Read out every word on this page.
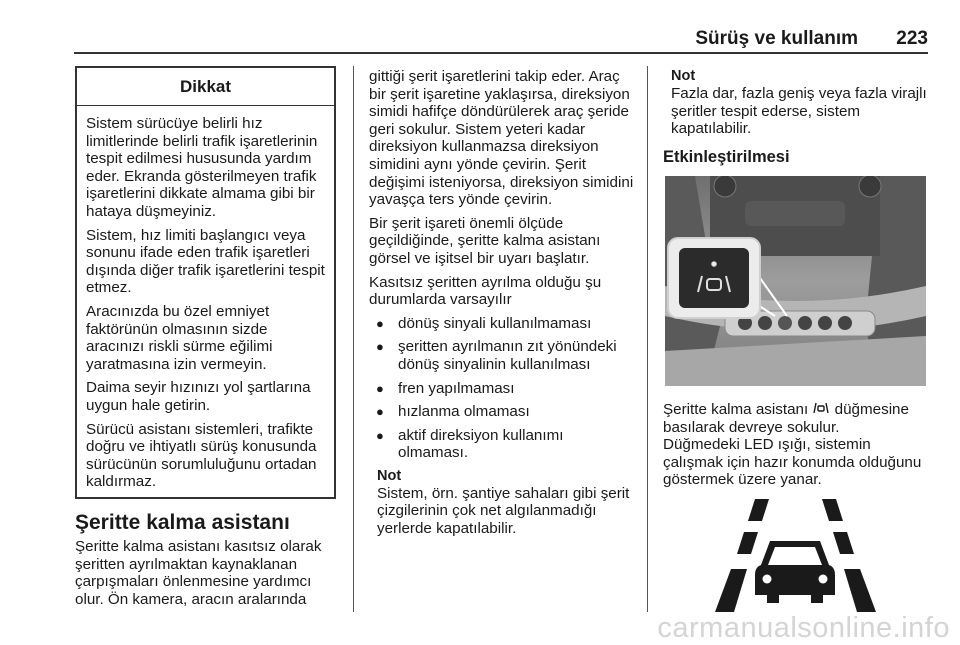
Sürüş ve kullanım 223
Dikkat

Sistem sürücüye belirli hız limitlerinde belirli trafik işaretlerinin tespit edilmesi hususunda yardım eder. Ekranda gösterilmeyen trafik işaretlerini dikkate almama gibi bir hataya düşmeyiniz.

Sistem, hız limiti başlangıcı veya sonunu ifade eden trafik işaretleri dışında diğer trafik işaretlerini tespit etmez.

Aracınızda bu özel emniyet faktörünün olmasının sizde aracınızı riskli sürme eğilimi yaratmasına izin vermeyin.

Daima seyir hızınızı yol şartlarına uygun hale getirin.

Sürücü asistanı sistemleri, trafikte doğru ve ihtiyatlı sürüş konusunda sürücünün sorumluluğunu ortadan kaldırmaz.

Şeritte kalma asistanı

Şeritte kalma asistanı kasıtsız olarak şeritten ayrılmaktan kaynaklanan çarpışmaları önlenmesine yardımcı olur. Ön kamera, aracın aralarında

gittiği şerit işaretlerini takip eder. Araç bir şerit işaretine yaklaşırsa, direksiyon simidi hafifçe döndürülerek araç şeride geri sokulur. Sistem yeteri kadar direksiyon kullanmazsa direksiyon simidini aynı yönde çevirin. Şerit değişimi isteniyorsa, direksiyon simidini yavaşça ters yönde çevirin.

Bir şerit işareti önemli ölçüde geçildiğinde, şeritte kalma asistanı görsel ve işitsel bir uyarı başlatır.

Kasıtsız şeritten ayrılma olduğu şu durumlarda varsayılır

● dönüş sinyali kullanılmaması
● şeritten ayrılmanın zıt yönündeki dönüş sinyalinin kullanılması
● fren yapılmaması
● hızlanma olmaması
● aktif direksiyon kullanımı olmaması.
Not

Sistem, örn. şantiye sahaları gibi şerit çizgilerinin çok net algılanmadığı yerlerde kapatılabilir.

Not

Fazla dar, fazla geniş veya fazla virajlı şeritler tespit ederse, sistem kapatılabilir.

Etkinleştirilmesi

Şeritte kalma asistanı düğmesine basılarak devreye sokulur.

Düğmedeki LED ışığı, sistemin çalışmak için hazır konumda olduğunu göstermek üzere yanar.

carmanualsonline.info
